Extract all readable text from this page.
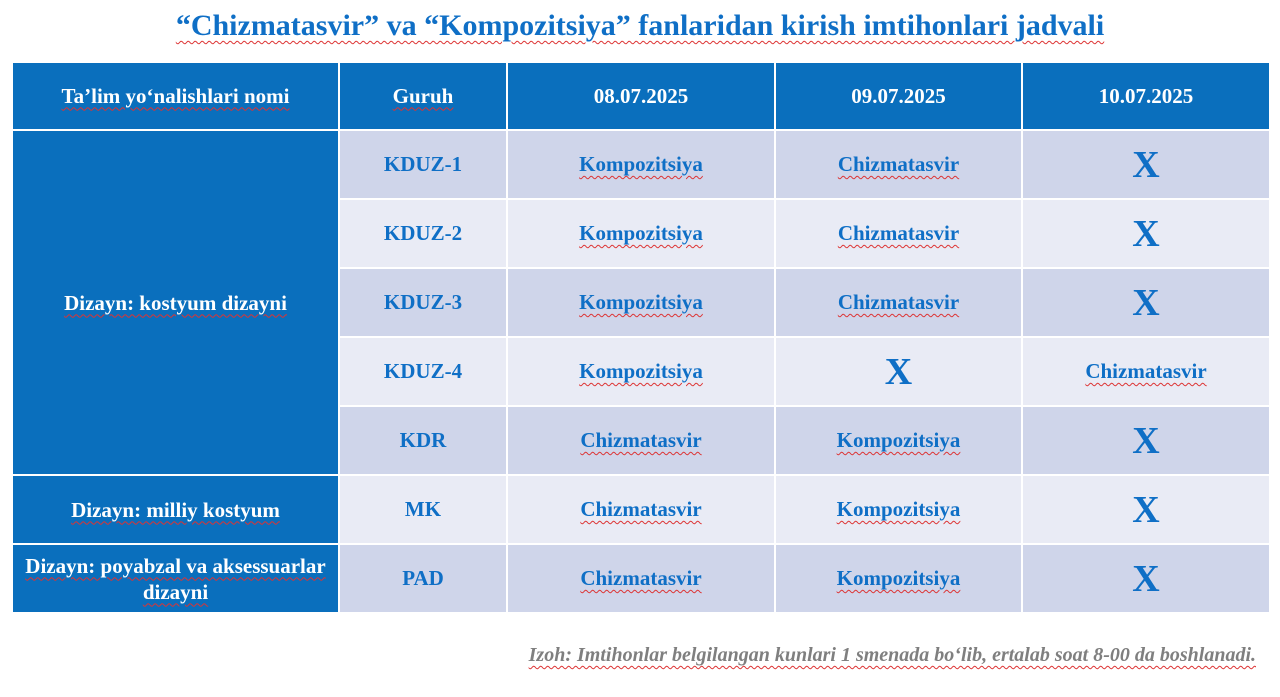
“Chizmatasvir” va “Kompozitsiya” fanlaridan kirish imtihonlari jadvali
Ta’lim yo‘nalishlari nomi	Guruh	08.07.2025	09.07.2025	10.07.2025
Dizayn: kostyum dizayni	KDUZ-1	Kompozitsiya	Chizmatasvir	X
	KDUZ-2	Kompozitsiya	Chizmatasvir	X
	KDUZ-3	Kompozitsiya	Chizmatasvir	X
	KDUZ-4	Kompozitsiya	X	Chizmatasvir
	KDR	Chizmatasvir	Kompozitsiya	X
Dizayn: milliy kostyum	MK	Chizmatasvir	Kompozitsiya	X
Dizayn: poyabzal va aksessuarlar dizayni	PAD	Chizmatasvir	Kompozitsiya	X
Izoh: Imtihonlar belgilangan kunlari 1 smenada bo‘lib, ertalab soat 8-00 da boshlanadi.
